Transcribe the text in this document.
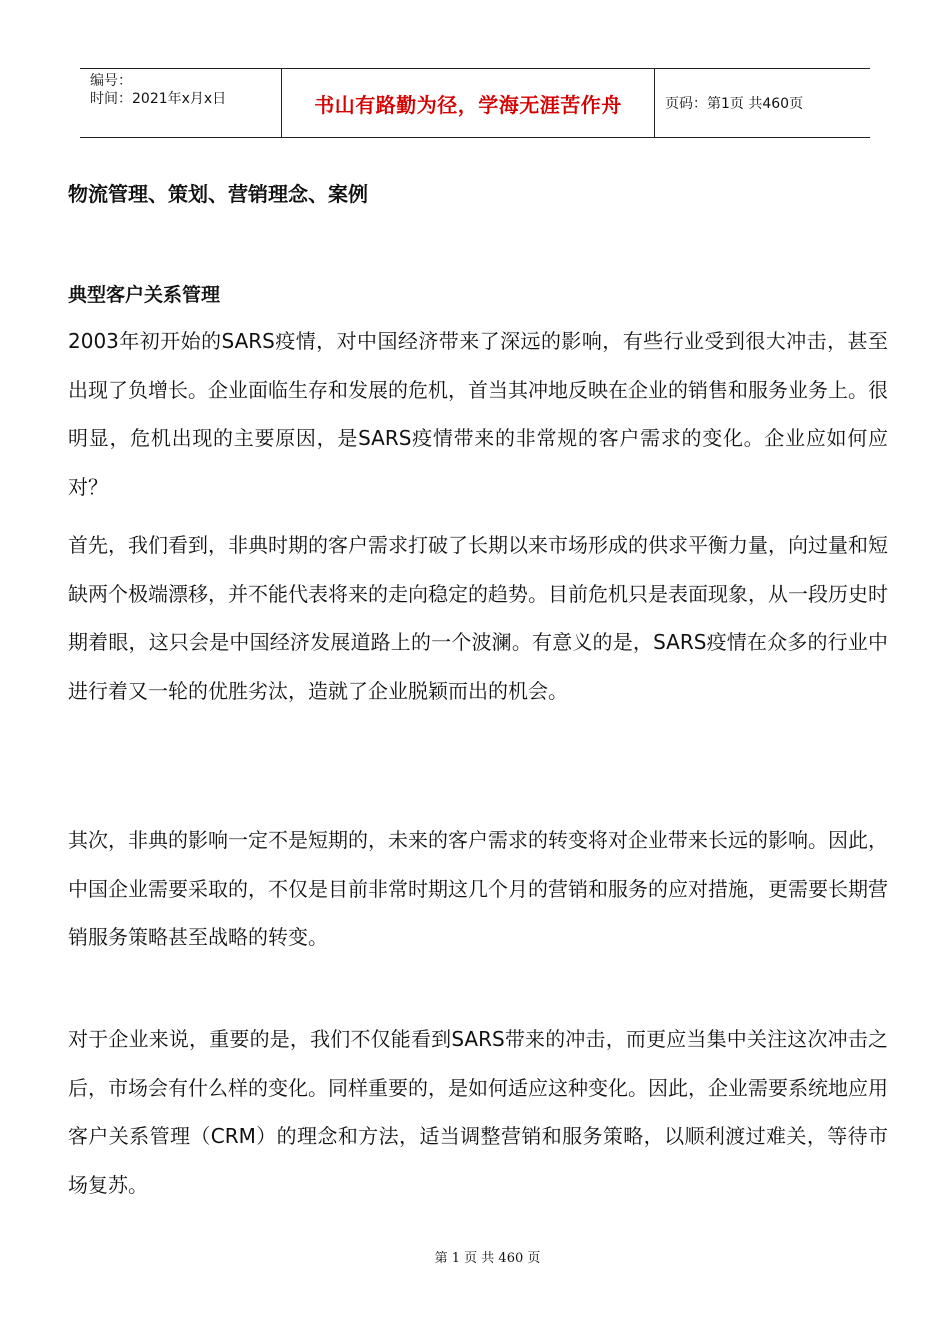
编号：
时间：2021年x月x日	书山有路勤为径，学海无涯苦作舟	页码：第1页 共460页
物流管理、策划、营销理念、案例
典型客户关系管理

2003年初开始的SARS疫情，对中国经济带来了深远的影响，有些行业受到很大冲击，甚至出现了负增长。企业面临生存和发展的危机，首当其冲地反映在企业的销售和服务业务上。很明显，危机出现的主要原因，是SARS疫情带来的非常规的客户需求的变化。企业应如何应对？

首先，我们看到，非典时期的客户需求打破了长期以来市场形成的供求平衡力量，向过量和短缺两个极端漂移，并不能代表将来的走向稳定的趋势。目前危机只是表面现象，从一段历史时期着眼，这只会是中国经济发展道路上的一个波澜。有意义的是，SARS疫情在众多的行业中进行着又一轮的优胜劣汰，造就了企业脱颖而出的机会。

其次，非典的影响一定不是短期的，未来的客户需求的转变将对企业带来长远的影响。因此，中国企业需要采取的，不仅是目前非常时期这几个月的营销和服务的应对措施，更需要长期营销服务策略甚至战略的转变。

对于企业来说，重要的是，我们不仅能看到SARS带来的冲击，而更应当集中关注这次冲击之后，市场会有什么样的变化。同样重要的，是如何适应这种变化。因此，企业需要系统地应用客户关系管理（CRM）的理念和方法，适当调整营销和服务策略，以顺利渡过难关，等待市场复苏。

第 1 页 共 460 页
